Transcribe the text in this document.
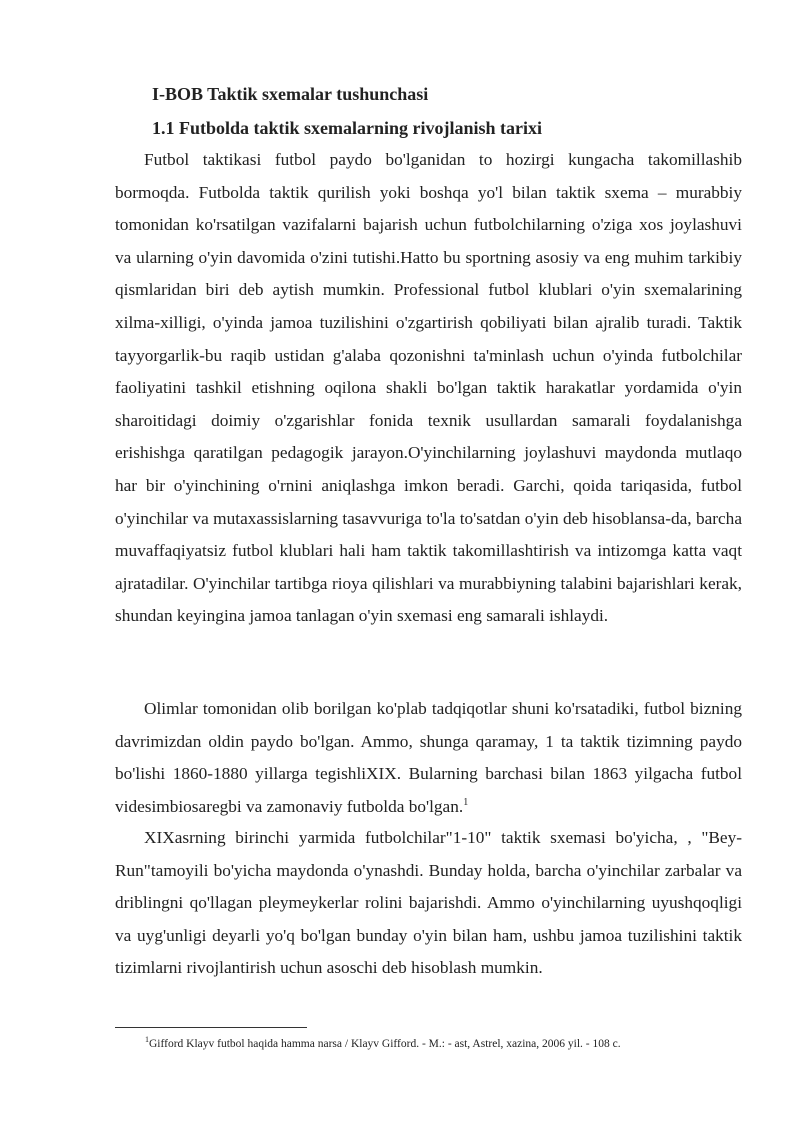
I-BOB Taktik sxemalar tushunchasi
1.1 Futbolda taktik sxemalarning rivojlanish tarixi

Futbol taktikasi futbol paydo bo'lganidan to hozirgi kungacha takomillashib bormoqda. Futbolda taktik qurilish yoki boshqa yo'l bilan taktik sxema – murabbiy tomonidan ko'rsatilgan vazifalarni bajarish uchun futbolchilarning o'ziga xos joylashuvi va ularning o'yin davomida o'zini tutishi.Hatto bu sportning asosiy va eng muhim tarkibiy qismlaridan biri deb aytish mumkin. Professional futbol klublari o'yin sxemalarining xilma-xilligi, o'yinda jamoa tuzilishini o'zgartirish qobiliyati bilan ajralib turadi. Taktik tayyorgarlik-bu raqib ustidan g'alaba qozonishni ta'minlash uchun o'yinda futbolchilar faoliyatini tashkil etishning oqilona shakli bo'lgan taktik harakatlar yordamida o'yin sharoitidagi doimiy o'zgarishlar fonida texnik usullardan samarali foydalanishga erishishga qaratilgan pedagogik jarayon.O'yinchilarning joylashuvi maydonda mutlaqo har bir o'yinchining o'rnini aniqlashga imkon beradi. Garchi, qoida tariqasida, futbol o'yinchilar va mutaxassislarning tasavvuriga to'la to'satdan o'yin deb hisoblansa-da, barcha muvaffaqiyatsiz futbol klublari hali ham taktik takomillashtirish va intizomga katta vaqt ajratadilar. O'yinchilar tartibga rioya qilishlari va murabbiyning talabini bajarishlari kerak, shundan keyingina jamoa tanlagan o'yin sxemasi eng samarali ishlaydi.

Olimlar tomonidan olib borilgan ko'plab tadqiqotlar shuni ko'rsatadiki, futbol bizning davrimizdan oldin paydo bo'lgan. Ammo, shunga qaramay, 1 ta taktik tizimning paydo bo'lishi 1860-1880 yillarga tegishliXIX. Bularning barchasi bilan 1863 yilgacha futbol videsimbiosaregbi va zamonaviy futbolda bo'lgan.$^1$

XIXasrning birinchi yarmida futbolchilar"1-10" taktik sxemasi bo'yicha, , "Bey-Run"tamoyili bo'yicha maydonda o'ynashdi. Bunday holda, barcha o'yinchilar zarbalar va driblingni qo'llagan pleymeykerlar rolini bajarishdi. Ammo o'yinchilarning uyushqoqligi va uyg'unligi deyarli yo'q bo'lgan bunday o'yin bilan ham, ushbu jamoa tuzilishini taktik tizimlarni rivojlantirish uchun asoschi deb hisoblash mumkin.

$^1$Gifford Klayv futbol haqida hamma narsa / Klayv Gifford. - M.: - ast, Astrel, xazina, 2006 yil. - 108 c.
